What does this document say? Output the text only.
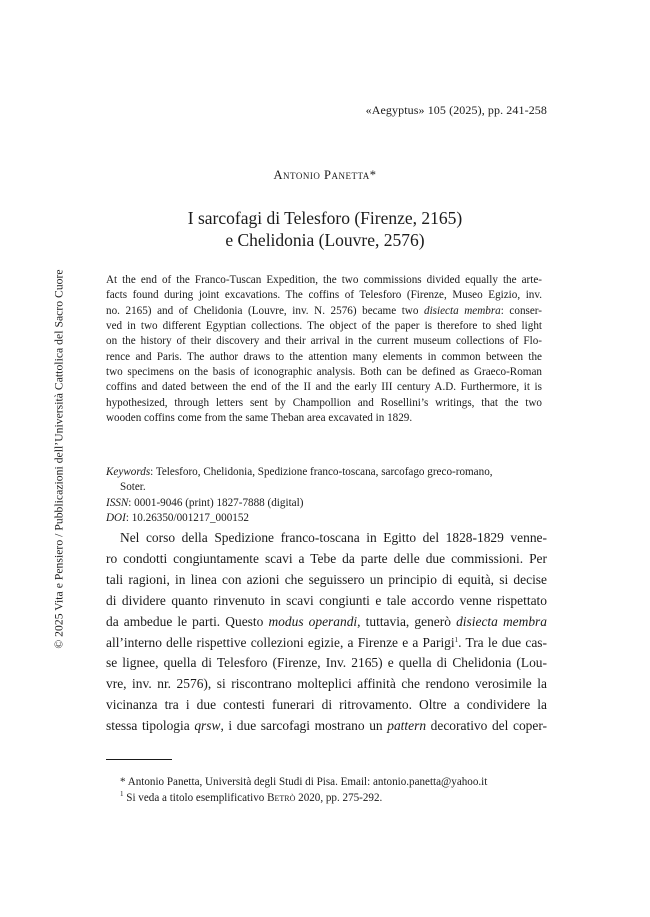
«Aegyptus» 105 (2025), pp. 241-258
Antonio Panetta*
I sarcofagi di Telesforo (Firenze, 2165)
e Chelidonia (Louvre, 2576)
At the end of the Franco-Tuscan Expedition, the two commissions divided equally the arte-
facts found during joint excavations. The coffins of Telesforo (Firenze, Museo Egizio, inv.
no. 2165) and of Chelidonia (Louvre, inv. N. 2576) became two disiecta membra: conser-
ved in two different Egyptian collections. The object of the paper is therefore to shed light
on the history of their discovery and their arrival in the current museum collections of Flo-
rence and Paris. The author draws to the attention many elements in common between the
two specimens on the basis of iconographic analysis. Both can be defined as Graeco-Roman
coffins and dated between the end of the II and the early III century A.D. Furthermore, it is
hypothesized, through letters sent by Champollion and Rosellini’s writings, that the two
wooden coffins come from the same Theban area excavated in 1829.
Keywords: Telesforo, Chelidonia, Spedizione franco-toscana, sarcofago greco-romano,
Soter.
ISSN: 0001-9046 (print) 1827-7888 (digital)
DOI: 10.26350/001217_000152
Nel corso della Spedizione franco-toscana in Egitto del 1828-1829 venne-
ro condotti congiuntamente scavi a Tebe da parte delle due commissioni. Per
tali ragioni, in linea con azioni che seguissero un principio di equità, si decise
di dividere quanto rinvenuto in scavi congiunti e tale accordo venne rispettato
da ambedue le parti. Questo modus operandi, tuttavia, generò disiecta membra
all’interno delle rispettive collezioni egizie, a Firenze e a Parigi$^1$. Tra le due cas-
se lignee, quella di Telesforo (Firenze, Inv. 2165) e quella di Chelidonia (Lou-
vre, inv. nr. 2576), si riscontrano molteplici affinità che rendono verosimile la
vicinanza tra i due contesti funerari di ritrovamento. Oltre a condividere la
stessa tipologia qrsw, i due sarcofagi mostrano un pattern decorativo del coper-
* Antonio Panetta, Università degli Studi di Pisa. Email: antonio.panetta@yahoo.it
$^1$ Si veda a titolo esemplificativo Betrò 2020, pp. 275-292.
© 2025 Vita e Pensiero / Pubblicazioni dell’Università Cattolica del Sacro Cuore
